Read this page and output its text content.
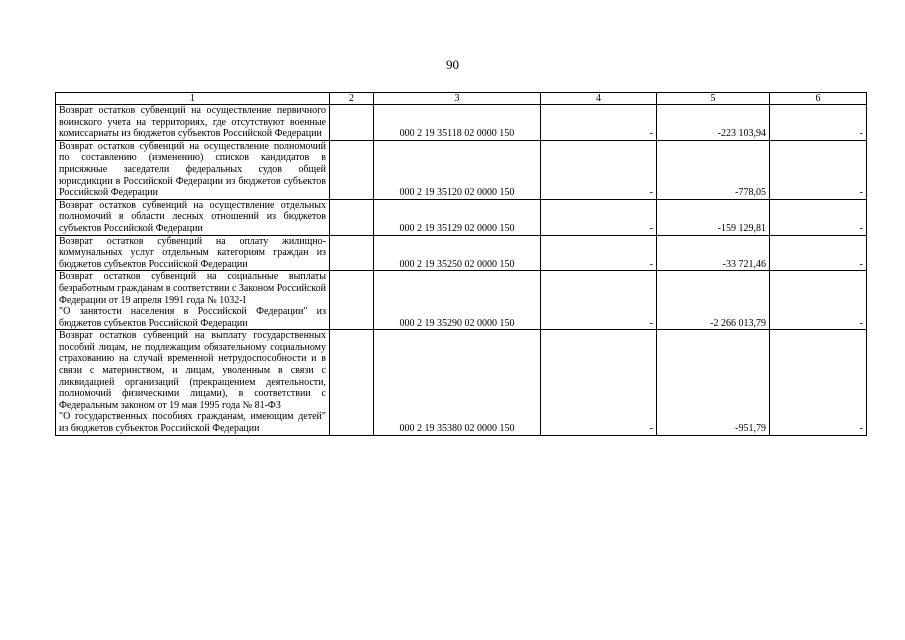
90
1	2	3	4	5	6
Возврат остатков субвенций на осуществление первичного воинского учета на территориях, где отсутствуют военные комиссариаты из бюджетов субъектов Российской Федерации		000 2 19 35118 02 0000 150	-	-223 103,94	-
Возврат остатков субвенций на осуществление полномочий по составлению (изменению) списков кандидатов в присяжные заседатели федеральных судов общей юрисдикции в Российской Федерации из бюджетов субъектов Российской Федерации		000 2 19 35120 02 0000 150	-	-778,05	-
Возврат остатков субвенций на осуществление отдельных полномочий в области лесных отношений из бюджетов субъектов Российской Федерации		000 2 19 35129 02 0000 150	-	-159 129,81	-
Возврат остатков субвенций на оплату жилищно-коммунальных услуг отдельным категориям граждан из бюджетов субъектов Российской Федерации		000 2 19 35250 02 0000 150	-	-33 721,46	-
Возврат остатков субвенций на социальные выплаты безработным гражданам в соответствии с Законом Российской Федерации от 19 апреля 1991 года № 1032-I
"О занятости населения в Российской Федерации" из бюджетов субъектов Российской Федерации		000 2 19 35290 02 0000 150	-	-2 266 013,79	-
Возврат остатков субвенций на выплату государственных пособий лицам, не подлежащим обязательному социальному страхованию на случай временной нетрудоспособности и в связи с материнством, и лицам, уволенным в связи с ликвидацией организаций (прекращением деятельности, полномочий физическими лицами), в соответствии с Федеральным законом от 19 мая 1995 года № 81-ФЗ
"О государственных пособиях гражданам, имеющим детей" из бюджетов субъектов Российской Федерации		000 2 19 35380 02 0000 150	-	-951,79	-
